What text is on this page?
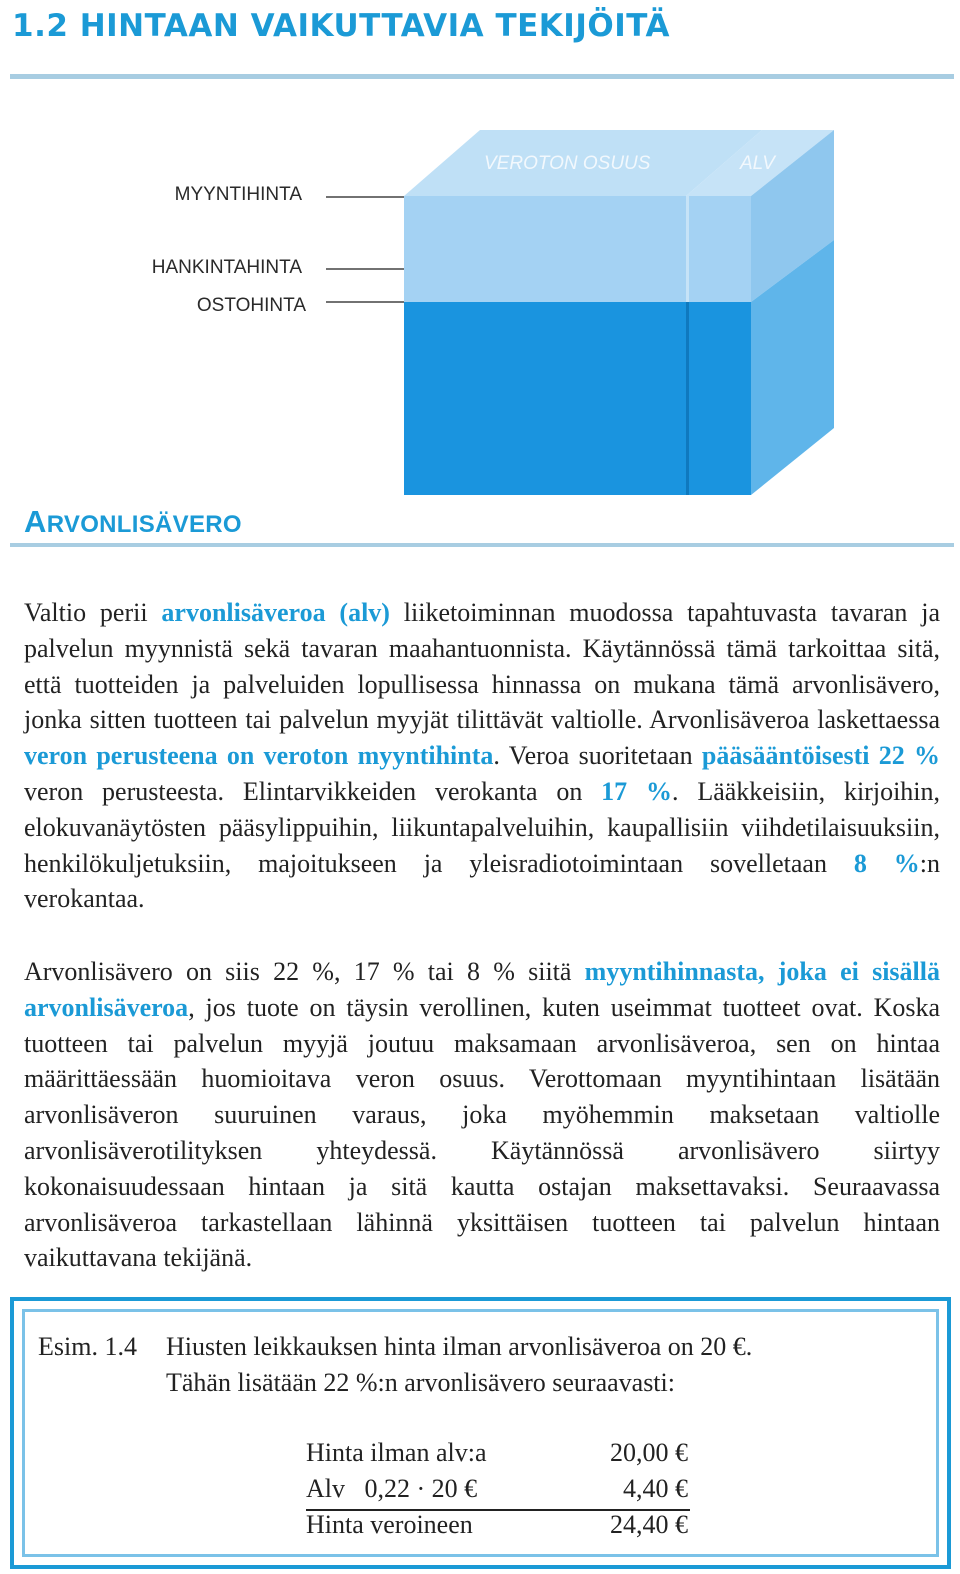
1.2 HINTAAN VAIKUTTAVIA TEKIJÖITÄ
MYYNTIHINTA
HANKINTAHINTA
OSTOHINTA
VEROTON OSUUS	ALV
ARVONLISÄVERO

Valtio perii arvonlisäveroa (alv) liiketoiminnan muodossa tapahtuvasta tavaran ja palvelun myynnistä sekä tavaran maahantuonnista. Käytännössä tämä tarkoittaa sitä, että tuotteiden ja palveluiden lopullisessa hinnassa on mukana tämä arvonlisävero, jonka sitten tuotteen tai palvelun myyjät tilittävät valtiolle. Arvonlisäveroa laskettaessa veron perusteena on veroton myyntihinta. Veroa suoritetaan pääsääntöisesti 22 % veron perusteesta. Elintarvikkeiden verokanta on 17 %. Lääkkeisiin, kirjoihin, elokuvanäytösten pääsylippuihin, liikuntapalveluihin, kaupallisiin viihdetilaisuuksiin, henkilökuljetuksiin, majoitukseen ja yleisradiotoimintaan sovelletaan 8 %:n verokantaa.

Arvonlisävero on siis 22 %, 17 % tai 8 % siitä myyntihinnasta, joka ei sisällä arvonlisäveroa, jos tuote on täysin verollinen, kuten useimmat tuotteet ovat. Koska tuotteen tai palvelun myyjä joutuu maksamaan arvonlisäveroa, sen on hintaa määrittäessään huomioitava veron osuus. Verottomaan myyntihintaan lisätään arvonlisäveron suuruinen varaus, joka myöhemmin maksetaan valtiolle arvonlisäverotilityksen yhteydessä. Käytännössä arvonlisävero siirtyy kokonaisuudessaan hintaan ja sitä kautta ostajan maksettavaksi. Seuraavassa arvonlisäveroa tarkastellaan lähinnä yksittäisen tuotteen tai palvelun hintaan vaikuttavana tekijänä.

Esim. 1.4 Hiusten leikkauksen hinta ilman arvonlisäveroa on 20 €.
Tähän lisätään 22 %:n arvonlisävero seuraavasti:
Hinta ilman alv:a	20,00 €
Alv   0,22 · 20 €	4,40 €
Hinta veroineen	24,40 €
